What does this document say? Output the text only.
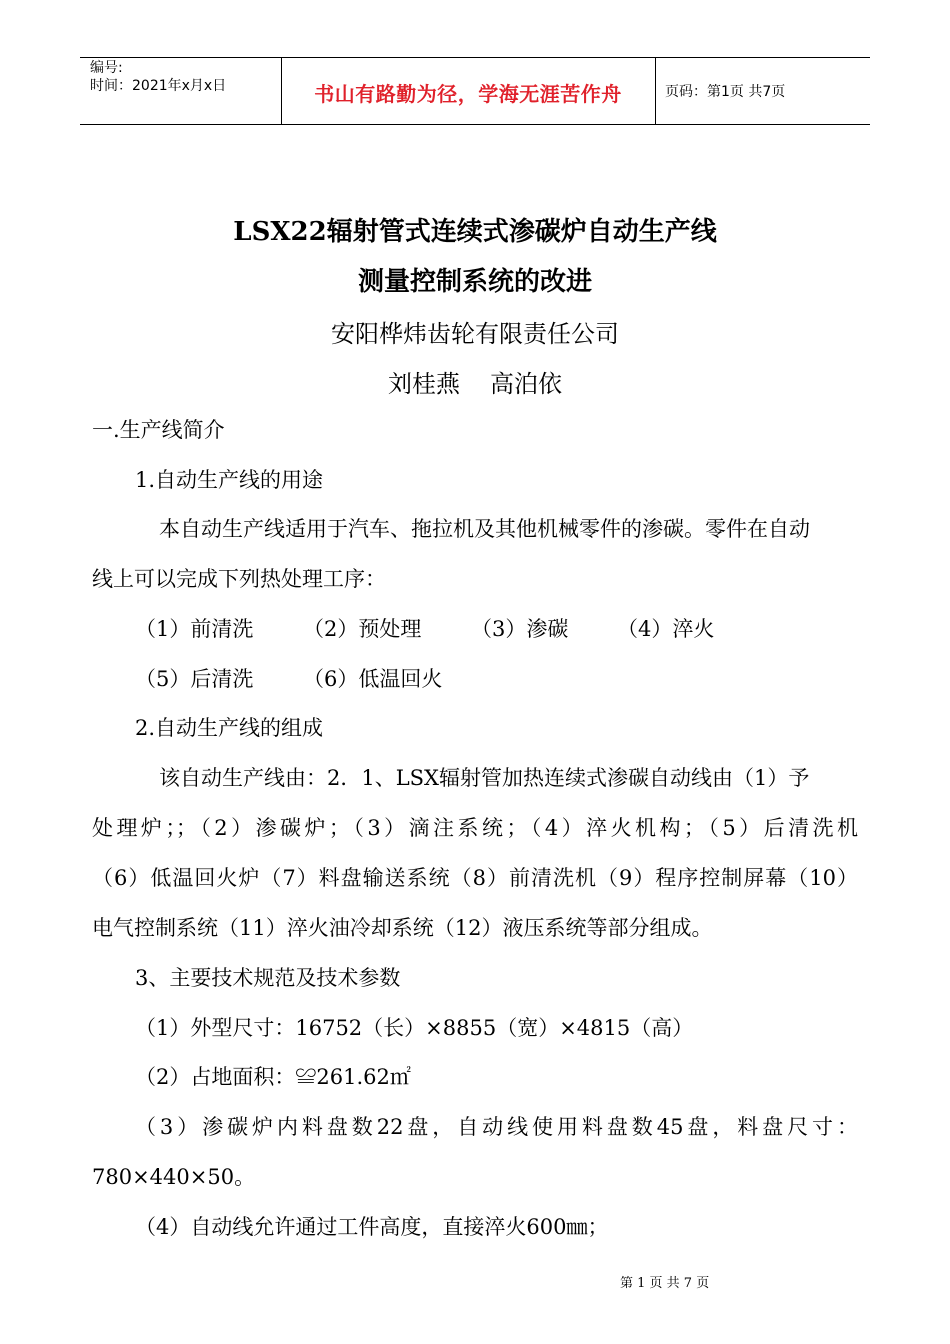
编号:
时间：2021年x月x日	书山有路勤为径，学海无涯苦作舟	页码：第1页 共7页
LSX22辐射管式连续式渗碳炉自动生产线
测量控制系统的改进
安阳桦炜齿轮有限责任公司
刘桂燕 高泊依
一.生产线简介
1.自动生产线的用途
本自动生产线适用于汽车、拖拉机及其他机械零件的渗碳。零件在自动
线上可以完成下列热处理工序：
（1）前清洗 （2）预处理 （3）渗碳 （4）淬火
（5）后清洗 （6）低温回火
2.自动生产线的组成
该自动生产线由：2．1、LSX辐射管加热连续式渗碳自动线由（1）予
处理炉；；（2）渗碳炉；（3）滴注系统；（4）淬火机构；（5）后清洗机
（6）低温回火炉（7）料盘输送系统（8）前清洗机（9）程序控制屏幕（10）
电气控制系统（11）淬火油冷却系统（12）液压系统等部分组成。
3、主要技术规范及技术参数
（1）外型尺寸：16752（长）×8855（宽）×4815（高）
（2）占地面积：≌261.62㎡
（3）渗碳炉内料盘数22盘，自动线使用料盘数45盘，料盘尺寸：
780×440×50。
（4）自动线允许通过工件高度，直接淬火600㎜；
第 1 页 共 7 页
